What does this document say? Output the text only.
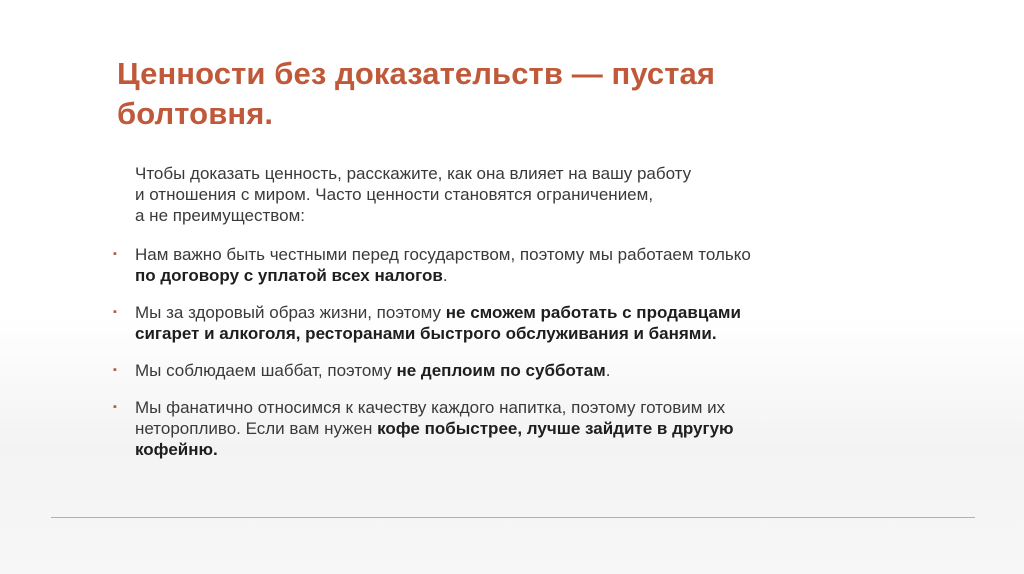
Ценности без доказательств — пустая
болтовня.

Чтобы доказать ценность, расскажите, как она влияет на вашу работу
и отношения с миром. Часто ценности становятся ограничением,
а не преимуществом:

▪ Нам важно быть честными перед государством, поэтому мы работаем только
по договору с уплатой всех налогов.
▪ Мы за здоровый образ жизни, поэтому не сможем работать с продавцами
сигарет и алкоголя, ресторанами быстрого обслуживания и банями.
▪ Мы соблюдаем шаббат, поэтому не деплоим по субботам.
▪ Мы фанатично относимся к качеству каждого напитка, поэтому готовим их
неторопливо. Если вам нужен кофе побыстрее, лучше зайдите в другую
кофейню.
